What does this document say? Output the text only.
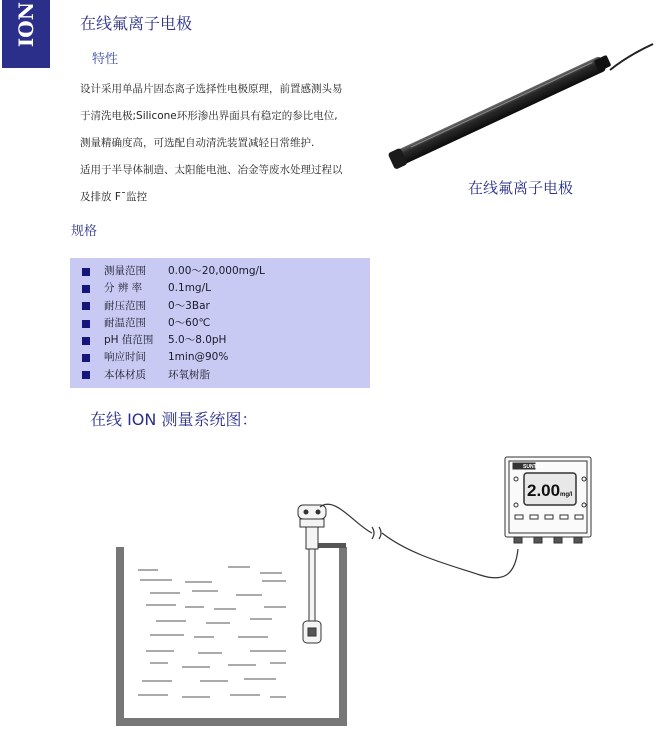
ION	在线氟离子电极
特性

设计采用单晶片固态离子选择性电极原理，前置感测头易

于清洗电极;Silicone环形渗出界面具有稳定的参比电位,

测量精确度高，可选配自动清洗装置减轻日常维护.

适用于半导体制造、太阳能电池、冶金等废水处理过程以

及排放 F¯监控	在线氟离子电极
规格
测量范围	0.00～20,000mg/L
分 辨 率	0.1mg/L
耐压范围	0～3Bar
耐温范围	0～60℃
pH 值范围	5.0～8.0pH
响应时间	1min@90%
本体材质	环氧树脂
在线 ION 测量系统图：
SUNTEX
2.00 mg/l
